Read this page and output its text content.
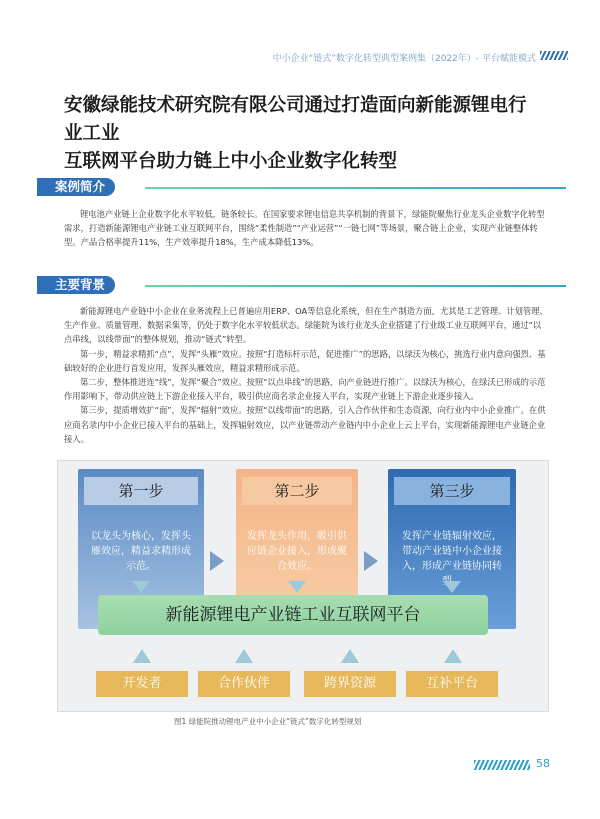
中小企业“链式”数字化转型典型案例集（2022年）- 平台赋能模式
安徽绿能技术研究院有限公司通过打造面向新能源锂电行业工业
互联网平台助力链上中小企业数字化转型
案例简介

锂电池产业链上企业数字化水平较低，链条较长。在国家要求锂电信息共享机制的背景下，绿能院聚焦行业龙头企业数字化转型需求，打造新能源锂电产业链工业互联网平台，围绕“柔性制造”“产业运营”“一链七网”等场景，聚合链上企业，实现产业链整体转型。产品合格率提升11%，生产效率提升18%，生产成本降低13%。

主要背景

新能源锂电产业链中小企业在业务流程上已普遍应用ERP、OA等信息化系统，但在生产制造方面，尤其是工艺管理、计划管理、生产作业、质量管理、数据采集等，仍处于数字化水平较低状态。绿能院为该行业龙头企业搭建了行业级工业互联网平台，通过“以点串线，以线带面”的整体规划，推动“链式”转型。

第一步，精益求精抓“点”，发挥“头雁”效应。按照“打造标杆示范，促进推广”的思路，以绿沃为核心，挑选行业内意向强烈、基础较好的企业进行首发应用，发挥头雁效应，精益求精形成示范。

第二步，整体推进连“线”，发挥“聚合”效应。按照“以点串线”的思路，向产业链进行推广。以绿沃为核心，在绿沃已形成的示范作用影响下，带动供应链上下游企业接入平台，吸引供应商名录企业接入平台，实现产业链上下游企业逐步接入。

第三步，提质增效扩“面”，发挥“辐射”效应。按照“以线带面”的思路，引入合作伙伴和生态资源，向行业内中小企业推广。在供应商名录内中小企业已接入平台的基础上，发挥辐射效应，以产业链带动产业链内中小企业上云上平台，实现新能源锂电产业链企业接入。

第一步
以龙头为核心，发挥头雁效应，精益求精形成示范。
第二步
发挥龙头作用，吸引供应链企业接入，形成聚合效应。
第三步
发挥产业链辐射效应，带动产业链中小企业接入，形成产业链协同转型。
新能源锂电产业链工业互联网平台
开发者	合作伙伴	跨界资源	互补平台
图1 绿能院推动锂电产业中小企业“链式”数字化转型规划
58
